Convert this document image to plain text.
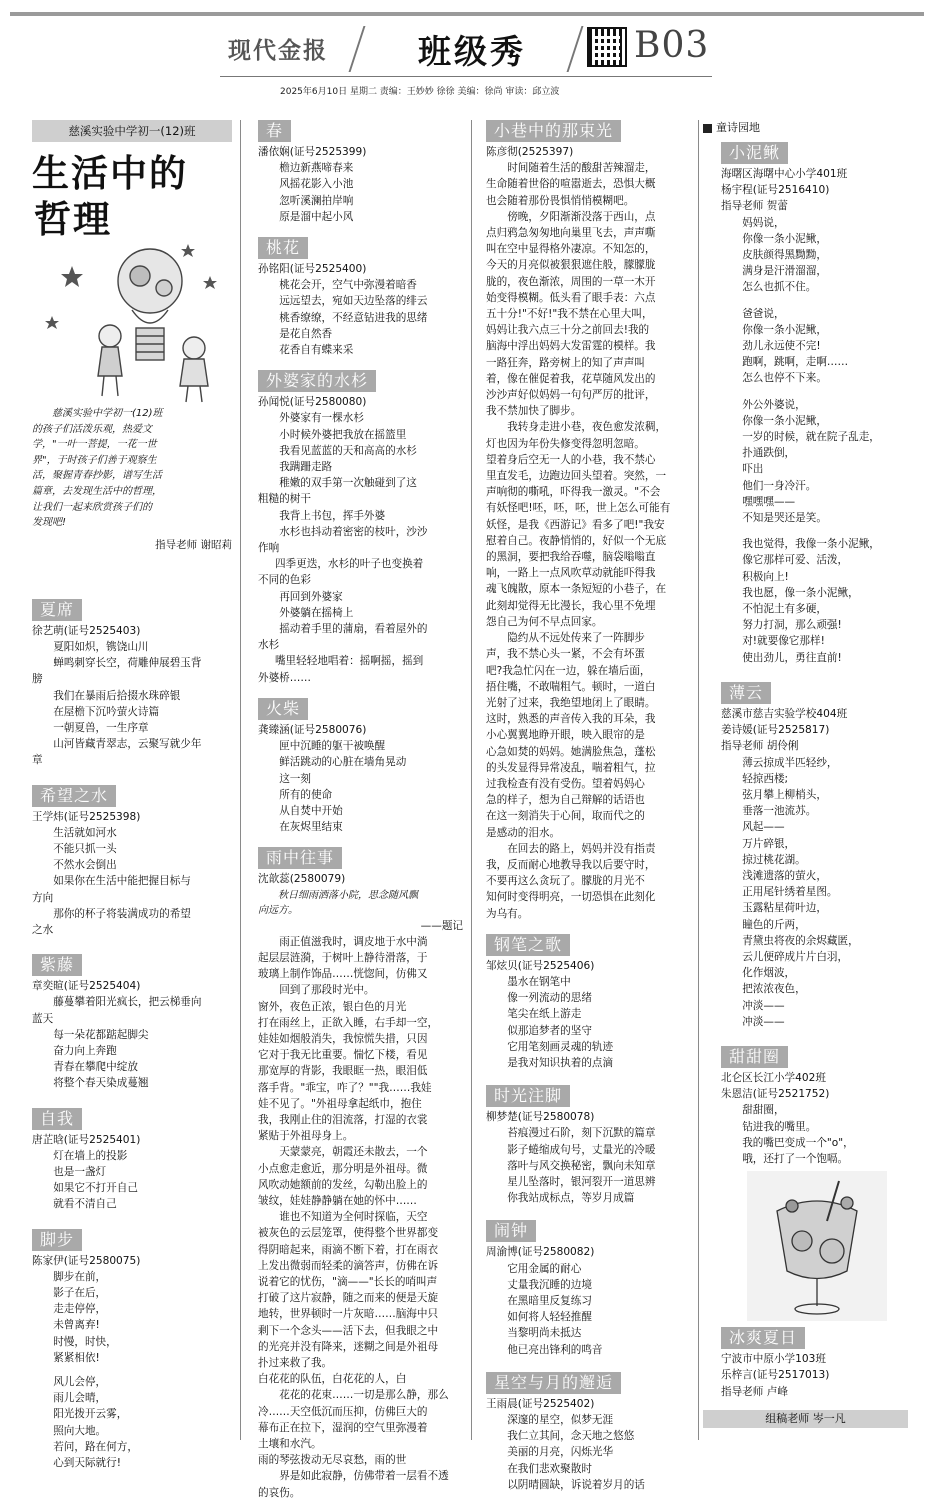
现代金报	班级秀	B03
2025年6月10日 星期二 责编：王妙妙 徐徐 美编：徐尚 审读：邱立波
慈溪实验中学初一(12)班
生活中的
哲理
慈溪实验中学初一(12)班
的孩子们活泼乐观，热爱文
学，"一叶一菩提，一花一世
界"，于时孩子们善于观察生
活，聚握青春抄影，谱写生活
篇章，去发现生活中的哲理，
让我们一起来欣赏孩子们的
发现吧!
指导老师 谢昭莉
夏席
徐艺萌(证号2525403)
夏阳如炽，镌饶山川
蝉鸣刺穿长空，荷雕伸展碧玉背
膀
我们在暴雨后拾掇水珠碎银
在屋檐下沉吟萤火诗篇
一朝夏兽，一生序章
山河皆藏青翠志，云聚写就少年
章
希望之水
王学炜(证号2525398)
生活就如河水
不能只抓一头
不然水会倒出
如果你在生活中能把握目标与
方向
那你的杯子将装满成功的希望
之水
紫藤
章奕暄(证号2525404)
藤蔓攀着阳光疯长，把云梯垂向
蓝天
每一朵花都踮起脚尖
奋力向上奔跑
青春在攀爬中绽放
将整个春天染成蔓翘
自我
唐芷晗(证号2525401)
灯在墙上的投影
也是一盏灯
如果它不打开自己
就看不清自己
脚步
陈家伊(证号2580075)
脚步在前，
影子在后，
走走停停，
未曾离弃!
时慢，时快，
紧紧相依!
风儿会停，
雨儿会晴，
阳光拨开云雾，
照向大地。
若问，路在何方，
心到天际就行!
春
潘依娴(证号2525399)
檐边新燕啼春来
风摇花影入小池
忽听溪澜拍岸响
原是溜中起小风
桃花
孙铭阳(证号2525400)
桃花会开，空气中弥漫着暗香
远远望去，宛如天边坠落的绯云
桃香缭缭，不经意钻进我的思绪
是花自然香
花香自有蝶来采
外婆家的水杉
孙闻悦(证号2580080)
外婆家有一棵水杉
小时候外婆把我放在摇篮里
我看见蓝蓝的天和高高的水杉
我蹒跚走路
稚嫩的双手第一次触碰到了这
粗糙的树干
我背上书包，挥手外婆
水杉也抖动着密密的枝叶，沙沙
作响
四季更迭，水杉的叶子也变换着
不同的色彩
再回到外婆家
外婆躺在摇椅上
摇动着手里的蒲扇，看着屋外的
水杉
嘴里轻轻地唱着：摇啊摇，摇到
外婆桥……
火柴
龚臻涵(证号2580076)
匣中沉睡的躯干被唤醒
鲜活跳动的心脏在墙角晃动
这一刻
所有的使命
从自焚中开始
在灰烬里结束
雨中往事
沈歆蕊(2580079)
秋日细雨洒落小院，思念随风飘
向远方。
——题记
雨正值滋我时，调皮地于水中淌
起层层涟漪，于树叶上静待滑落，于
玻璃上制作饰品……恍惚间，仿佛又
回到了那段时光中。
窗外，夜色正浓，银白色的月光
打在雨丝上，正欲入睡，右手却一空，
娃娃如烟般消失，我惊慌失措，只因
它对于我无比重要。惴忆下楼，看见
那宽厚的背影，我眼眶一热，眼泪低
落手背。"乖宝，咋了？""我……我娃
娃不见了。"外祖母拿起纸巾，抱住
我，我刚止住的泪流落，打湿的衣裳
紧贴于外祖母身上。
天蒙蒙亮，朝霞还未散去，一个
小点愈走愈近，那分明是外祖母。微
风吹动她额前的发丝，勾勒出脸上的
皱纹，娃娃静静躺在她的怀中……
谁也不知道为全何时探临，天空
被灰色的云层笼罩，使得整个世界都变
得阴暗起来，雨滴不断下着，打在雨衣
上发出微弱而轻柔的滴答声，仿佛在诉
说着它的忧伤，"滴——"长长的哨叫声
打破了这片寂静，随之而来的便是天旋
地转，世界顿时一片灰暗……脑海中只
剩下一个念头——活下去，但我眼之中
的光亮并没有降来，迷糊之间是外祖母
扑过来救了我。
白花花的队伍，白花花的人，白
花花的花束……一切是那么静，那么
冷……天空低沉而压抑，仿佛巨大的
幕布正在拉下，湿润的空气里弥漫着
土壤和水汽。
雨的琴弦拨动无尽哀愁，雨的世
界是如此寂静，仿佛带着一层看不透
的哀伤。
小巷中的那束光
陈彦彻(2525397)
时间随着生活的酸甜苦辣溜走，
生命随着世俗的喧嚣逝去，恐惧大概
也会随着那份畏惧悄悄模糊吧。
傍晚，夕阳渐渐没落于西山，点
点归鸦急匆匆地向巢里飞去，声声嘶
叫在空中显得格外凄凉。不知怎的，
今天的月亮似被狠狠遮住般，朦朦胧
胧的，夜色渐浓，周围的一草一木开
始变得模糊。低头看了眼手表：六点
五十分!"不好!"我不禁在心里大叫，
妈妈让我六点三十分之前回去!我的
脑海中浮出妈妈大发雷霆的模样。我
一路狂奔，路旁树上的知了声声叫
着，像在催促着我，花草随风发出的
沙沙声好似妈妈一句句严厉的批评，
我不禁加快了脚步。
我转身走进小巷，夜色愈发浓稠，
灯也因为年份失修变得忽明忽暗。
望着身后空无一人的小巷，我不禁心
里直发毛，边跑边回头望着。突然，一
声响彻的嘶吼，吓得我一激灵。"不会
有妖怪吧!呸，呸，呸，世上怎么可能有
妖怪，是我《西游记》看多了吧!"我安
慰着自己。夜静悄悄的，好似一个无底
的黑洞，要把我给吞噬，脑袋嗡嗡直
响，一路上一点风吹草动就能吓得我
魂飞魄散，原本一条短短的小巷子，在
此刻却觉得无比漫长，我心里不免埋
怨自己为何不早点回家。
隐约从不远处传来了一阵脚步
声，我不禁心头一紧，不会有坏蛋
吧?我急忙闪在一边，躲在墙后面，
捂住嘴，不敢喘粗气。顿时，一道白
光射了过来，我绝望地闭上了眼睛。
这时，熟悉的声音传入我的耳朵，我
小心翼翼地睁开眼，映入眼帘的是
心急如焚的妈妈。她满脸焦急，蓬松
的头发显得异常凌乱，喘着粗气，拉
过我检查有没有受伤。望着妈妈心
急的样子，想为自己辩解的话语也
在这一刻消失于心间，取而代之的
是感动的泪水。
在回去的路上，妈妈并没有指责
我，反而耐心地教导我以后要守时，
不要再这么贪玩了。朦胧的月光不
知何时变得明亮，一切恐惧在此刻化
为乌有。
钢笔之歌
邹炫贝(证号2525406)
墨水在钢笔中
像一列流动的思绪
笔尖在纸上游走
似那追梦者的坚守
它用笔刻画灵魂的轨迹
是我对知识执着的点滴
时光注脚
柳梦楚(证号2580078)
苔痕漫过石阶，刻下沉默的篇章
影子蜷缩成句号，丈量光的冷暖
落叶与风交换秘密，飘向未知章
星儿坠落时，银河裂开一道思辨
你我站成标点，等岁月成篇
闹钟
周渝博(证号2580082)
它用金属的耐心
丈量我沉睡的边境
在黑暗里反复练习
如何将人轻轻推醒
当黎明尚未抵达
他已亮出锋利的鸣音
星空与月的邂逅
王雨晨(证号2525402)
深邃的星空，似梦无涯
我仁立其间，念天地之悠悠
美丽的月亮，闪烁光华
在我们悲欢聚散时
以阴晴圆缺，诉说着岁月的话
童诗园地
小泥鳅
海曙区海曙中心小学401班
杨宇程(证号2516410)
指导老师 贺蕾
妈妈说，
你像一条小泥鳅，
皮肤颜得黑黝黝，
满身是汗滑溜溜，
怎么也抓不住。
爸爸说，
你像一条小泥鳅，
劲儿永远使不完!
跑啊，跳啊，走啊……
怎么也停不下来。
外公外婆说，
你像一条小泥鳅，
一岁的时候，就在院子乱走，
扑通跌倒，
吓出
他们一身冷汗。
嘿嘿嘿——
不知是哭还是笑。
我也觉得，我像一条小泥鳅，
像它那样可爱、活泼，
积极向上!
我也愿，像一条小泥鳅，
不怕泥土有多硬，
努力打洞，那么顽强!
对!就要像它那样!
使出劲儿，勇往直前!
薄云
慈溪市慈吉实验学校404班
姜诗媛(证号2525817)
指导老师 胡伶俐
薄云掠成半匹轻纱，
轻掠西楼;
弦月攀上柳梢头，
垂落一池流苏。
风起——
万片碎银，
掠过桃花湖。
浅滩遗落的萤火，
正用尾针绣着星图。
玉露粘星荷叶边，
瞳色的斤两，
青黛虫将夜的余烬藏匿，
云儿便碎成片片白羽，
化作烟波，
把浓浓夜色，
冲淡——
冲淡——
甜甜圈
北仑区长江小学402班
朱恩洁(证号2521752)
甜甜圈，
钻进我的嘴里。
我的嘴巴变成一个"o"，
哦，还打了一个饱嗝。
冰爽夏日
宁波市中原小学103班
乐梓言(证号2517013)
指导老师 卢峰
组稿老师 岑一凡
